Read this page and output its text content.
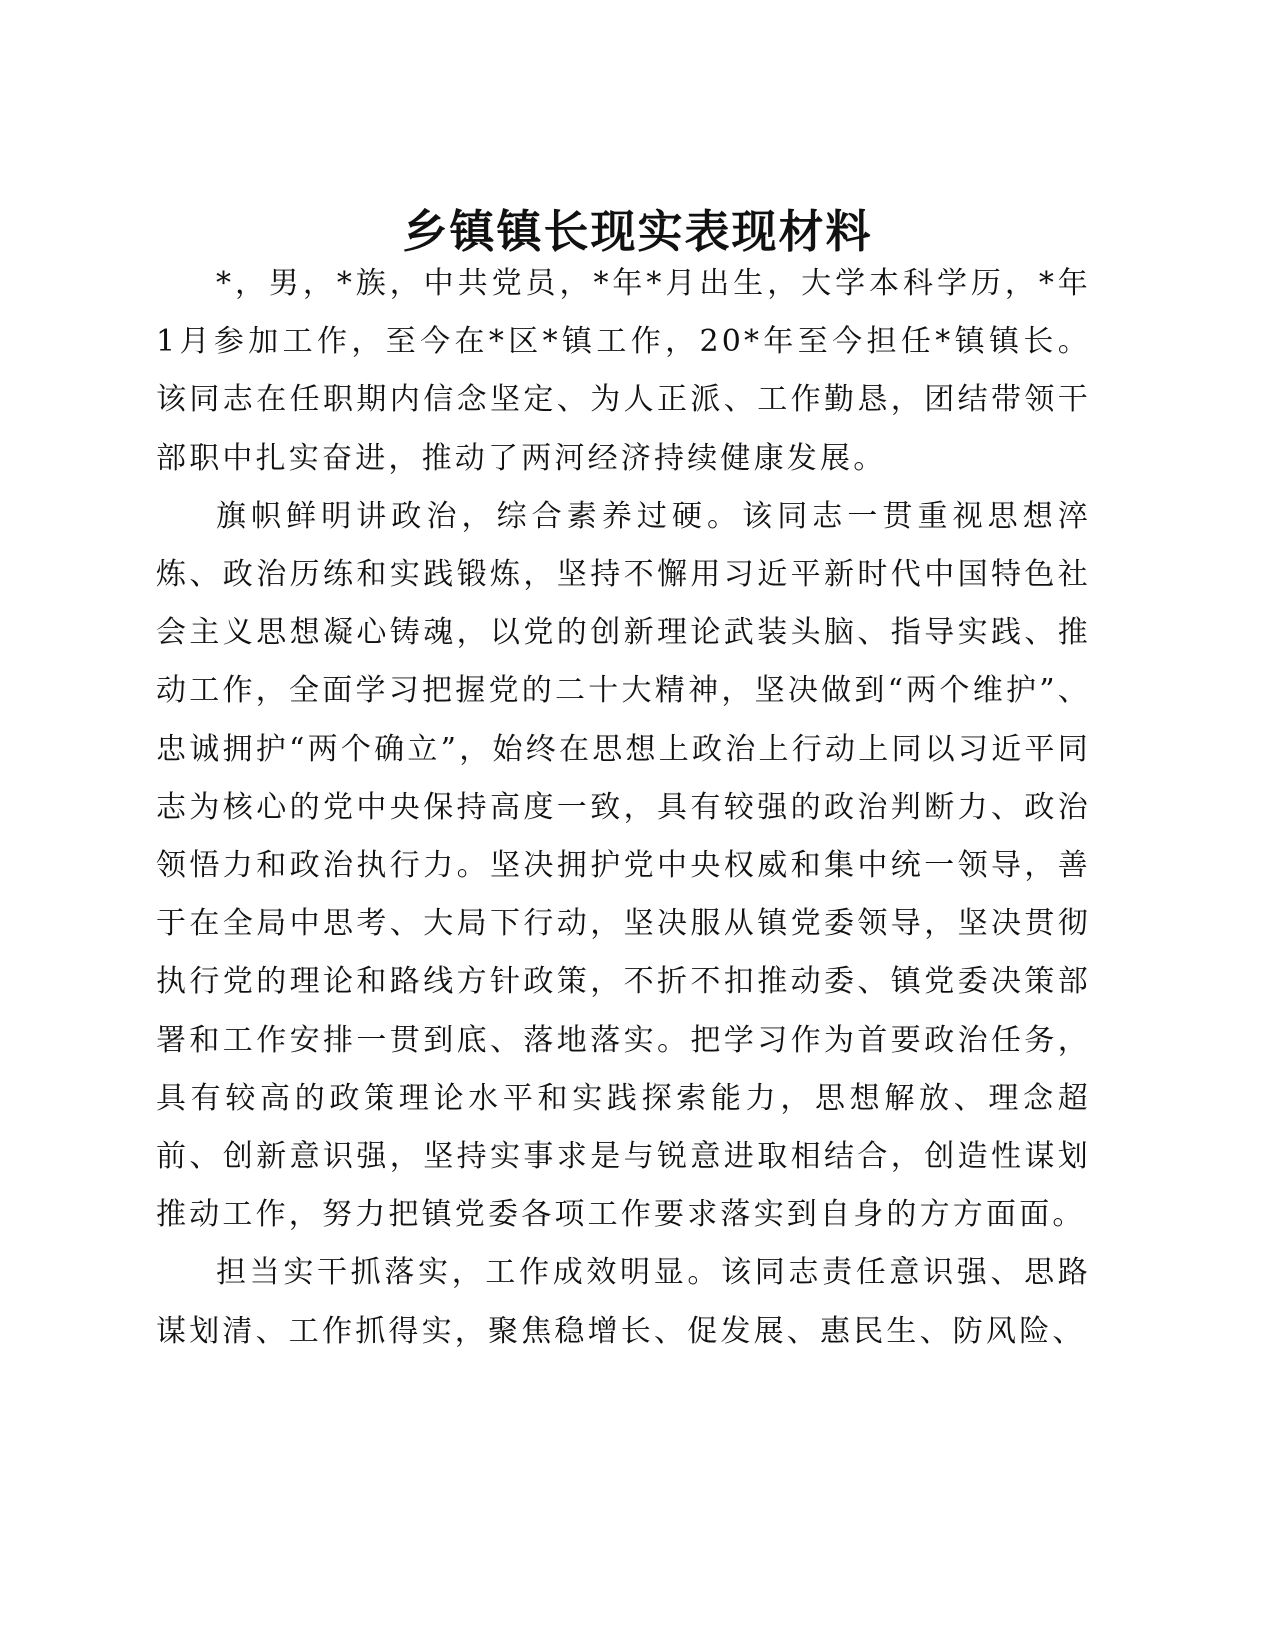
乡镇镇长现实表现材料

*，男，*族，中共党员，*年*月出生，大学本科学历，*年1月参加工作，至今在*区*镇工作，20*年至今担任*镇镇长。该同志在任职期内信念坚定、为人正派、工作勤恳，团结带领干部职中扎实奋进，推动了两河经济持续健康发展。

旗帜鲜明讲政治，综合素养过硬。该同志一贯重视思想淬炼、政治历练和实践锻炼，坚持不懈用习近平新时代中国特色社会主义思想凝心铸魂，以党的创新理论武装头脑、指导实践、推动工作，全面学习把握党的二十大精神，坚决做到“两个维护”、忠诚拥护“两个确立”，始终在思想上政治上行动上同以习近平同志为核心的党中央保持高度一致，具有较强的政治判断力、政治领悟力和政治执行力。坚决拥护党中央权威和集中统一领导，善于在全局中思考、大局下行动，坚决服从镇党委领导，坚决贯彻执行党的理论和路线方针政策，不折不扣推动委、镇党委决策部署和工作安排一贯到底、落地落实。把学习作为首要政治任务，具有较高的政策理论水平和实践探索能力，思想解放、理念超前、创新意识强，坚持实事求是与锐意进取相结合，创造性谋划推动工作，努力把镇党委各项工作要求落实到自身的方方面面。

担当实干抓落实，工作成效明显。该同志责任意识强、思路谋划清、工作抓得实，聚焦稳增长、促发展、惠民生、防风险、
